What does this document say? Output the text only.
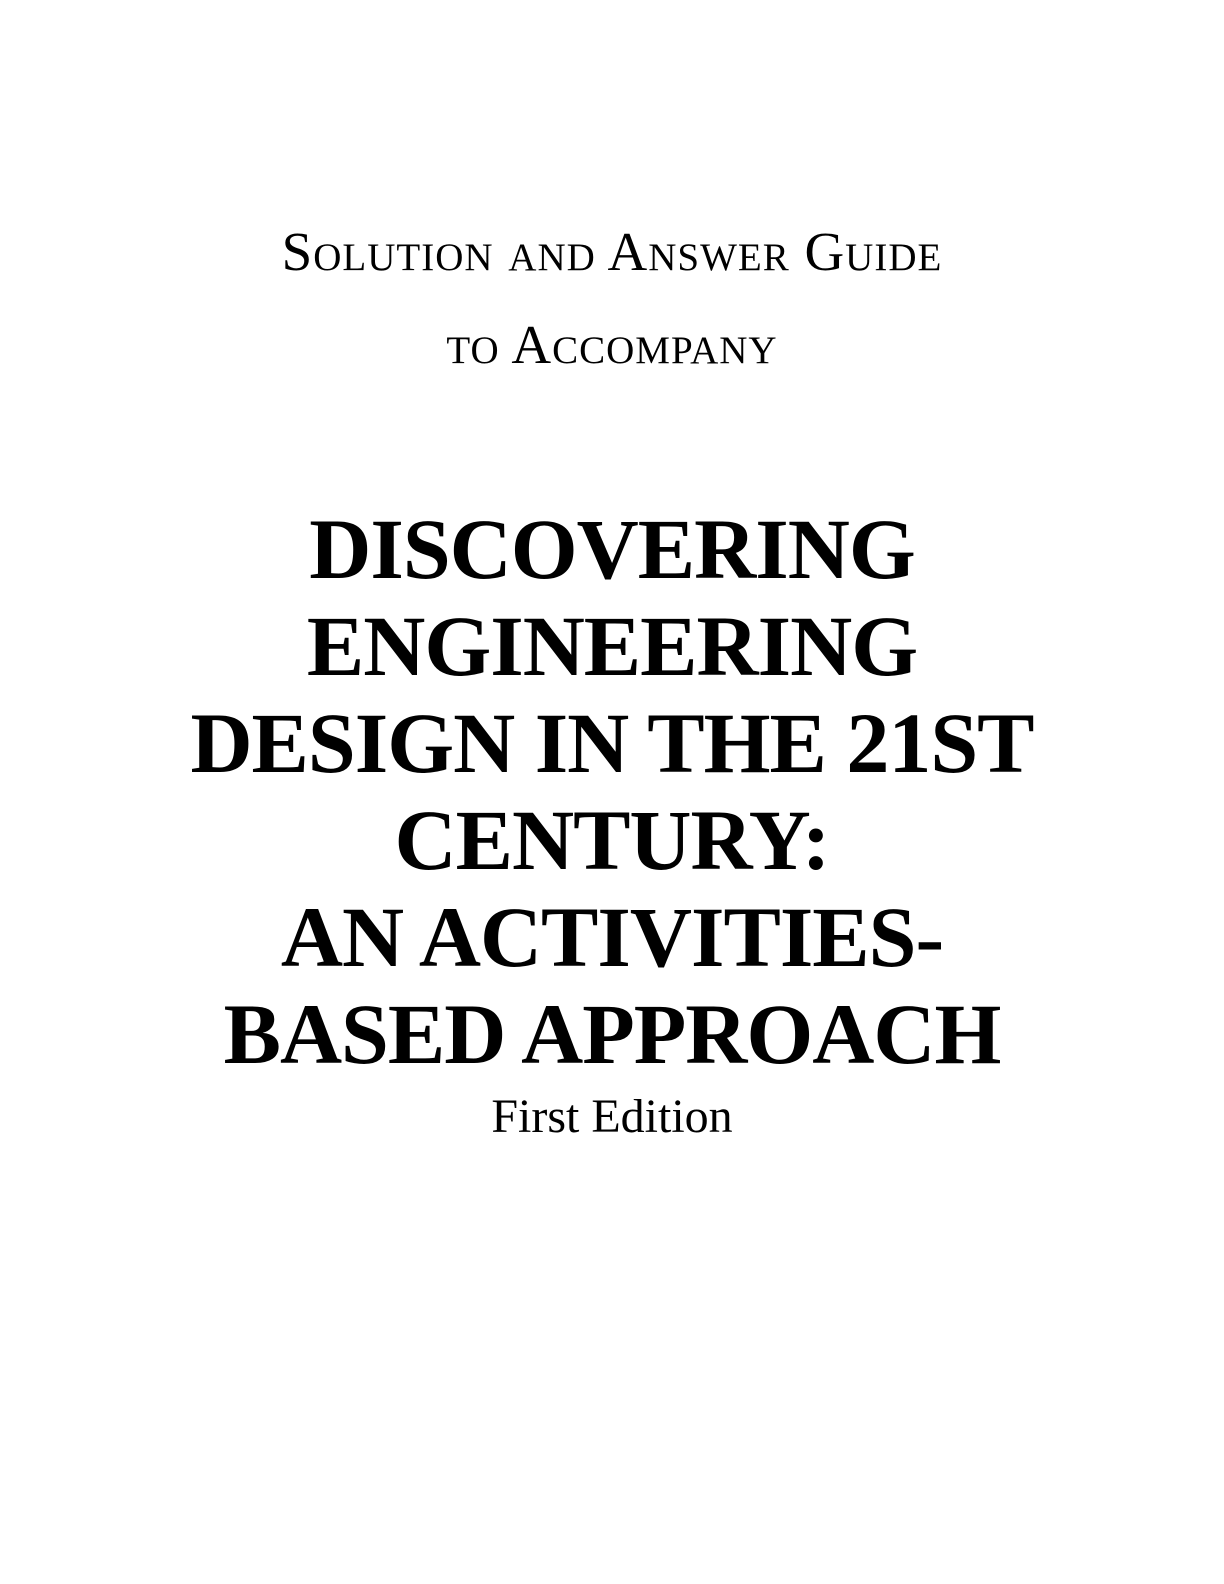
Solution and Answer Guide
to Accompany
DISCOVERING
ENGINEERING
DESIGN IN THE 21ST
CENTURY:
AN ACTIVITIES-
BASED APPROACH
First Edition
